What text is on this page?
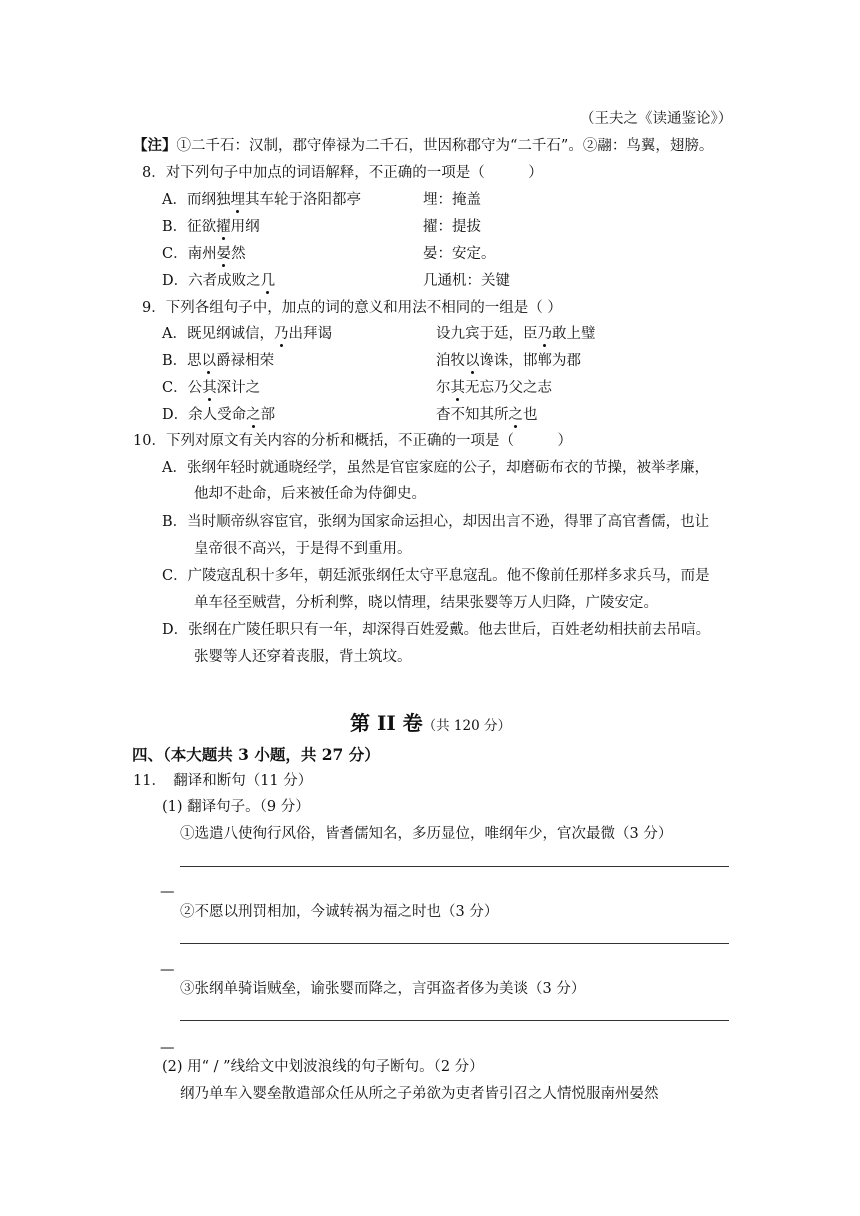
（王夫之《读通鉴论》）
【注】①二千石：汉制，郡守俸禄为二千石，世因称郡守为“二千石”。②翮：鸟翼，翅膀。
8．对下列句子中加点的词语解释，不正确的一项是（　　　）
A．而纲独埋其车轮于洛阳都亭	埋：掩盖
B．征欲擢用纲	擢：提拔
C．南州晏然	晏：安定。
D．六者成败之几	几通机：关键
9．下列各组句子中，加点的词的意义和用法不相同的一组是（ ）
A．既见纲诚信，乃出拜谒	设九宾于廷，臣乃敢上璧
B．思以爵禄相荣	洎牧以谗诛，邯郸为郡
C．公其深计之	尔其无忘乃父之志
D．余人受命之部	杳不知其所之也
10．下列对原文有关内容的分析和概括，不正确的一项是（　　　）
A．张纲年轻时就通晓经学，虽然是官宦家庭的公子，却磨砺布衣的节操，被举孝廉，
他却不赴命，后来被任命为侍御史。
B．当时顺帝纵容宦官，张纲为国家命运担心，却因出言不逊，得罪了高官耆儒，也让
皇帝很不高兴，于是得不到重用。
C．广陵寇乱积十多年，朝廷派张纲任太守平息寇乱。他不像前任那样多求兵马，而是
单车径至贼营，分析利弊，晓以情理，结果张婴等万人归降，广陵安定。
D．张纲在广陵任职只有一年，却深得百姓爱戴。他去世后，百姓老幼相扶前去吊唁。
张婴等人还穿着丧服，背土筑坟。
第 II 卷（共 120 分）
四、（本大题共 3 小题，共 27 分）
11．　翻译和断句（11 分）
(1) 翻译句子。（9 分）
①选遣八使徇行风俗，皆耆儒知名，多历显位，唯纲年少，官次最微（3 分）
—
②不愿以刑罚相加，今诚转祸为福之时也（3 分）
—
③张纲单骑诣贼垒，谕张婴而降之，言弭盗者侈为美谈（3 分）
—
(2) 用“ / ”线给文中划波浪线的句子断句。（2 分）
纲乃单车入婴垒散遣部众任从所之子弟欲为吏者皆引召之人情悦服南州晏然
